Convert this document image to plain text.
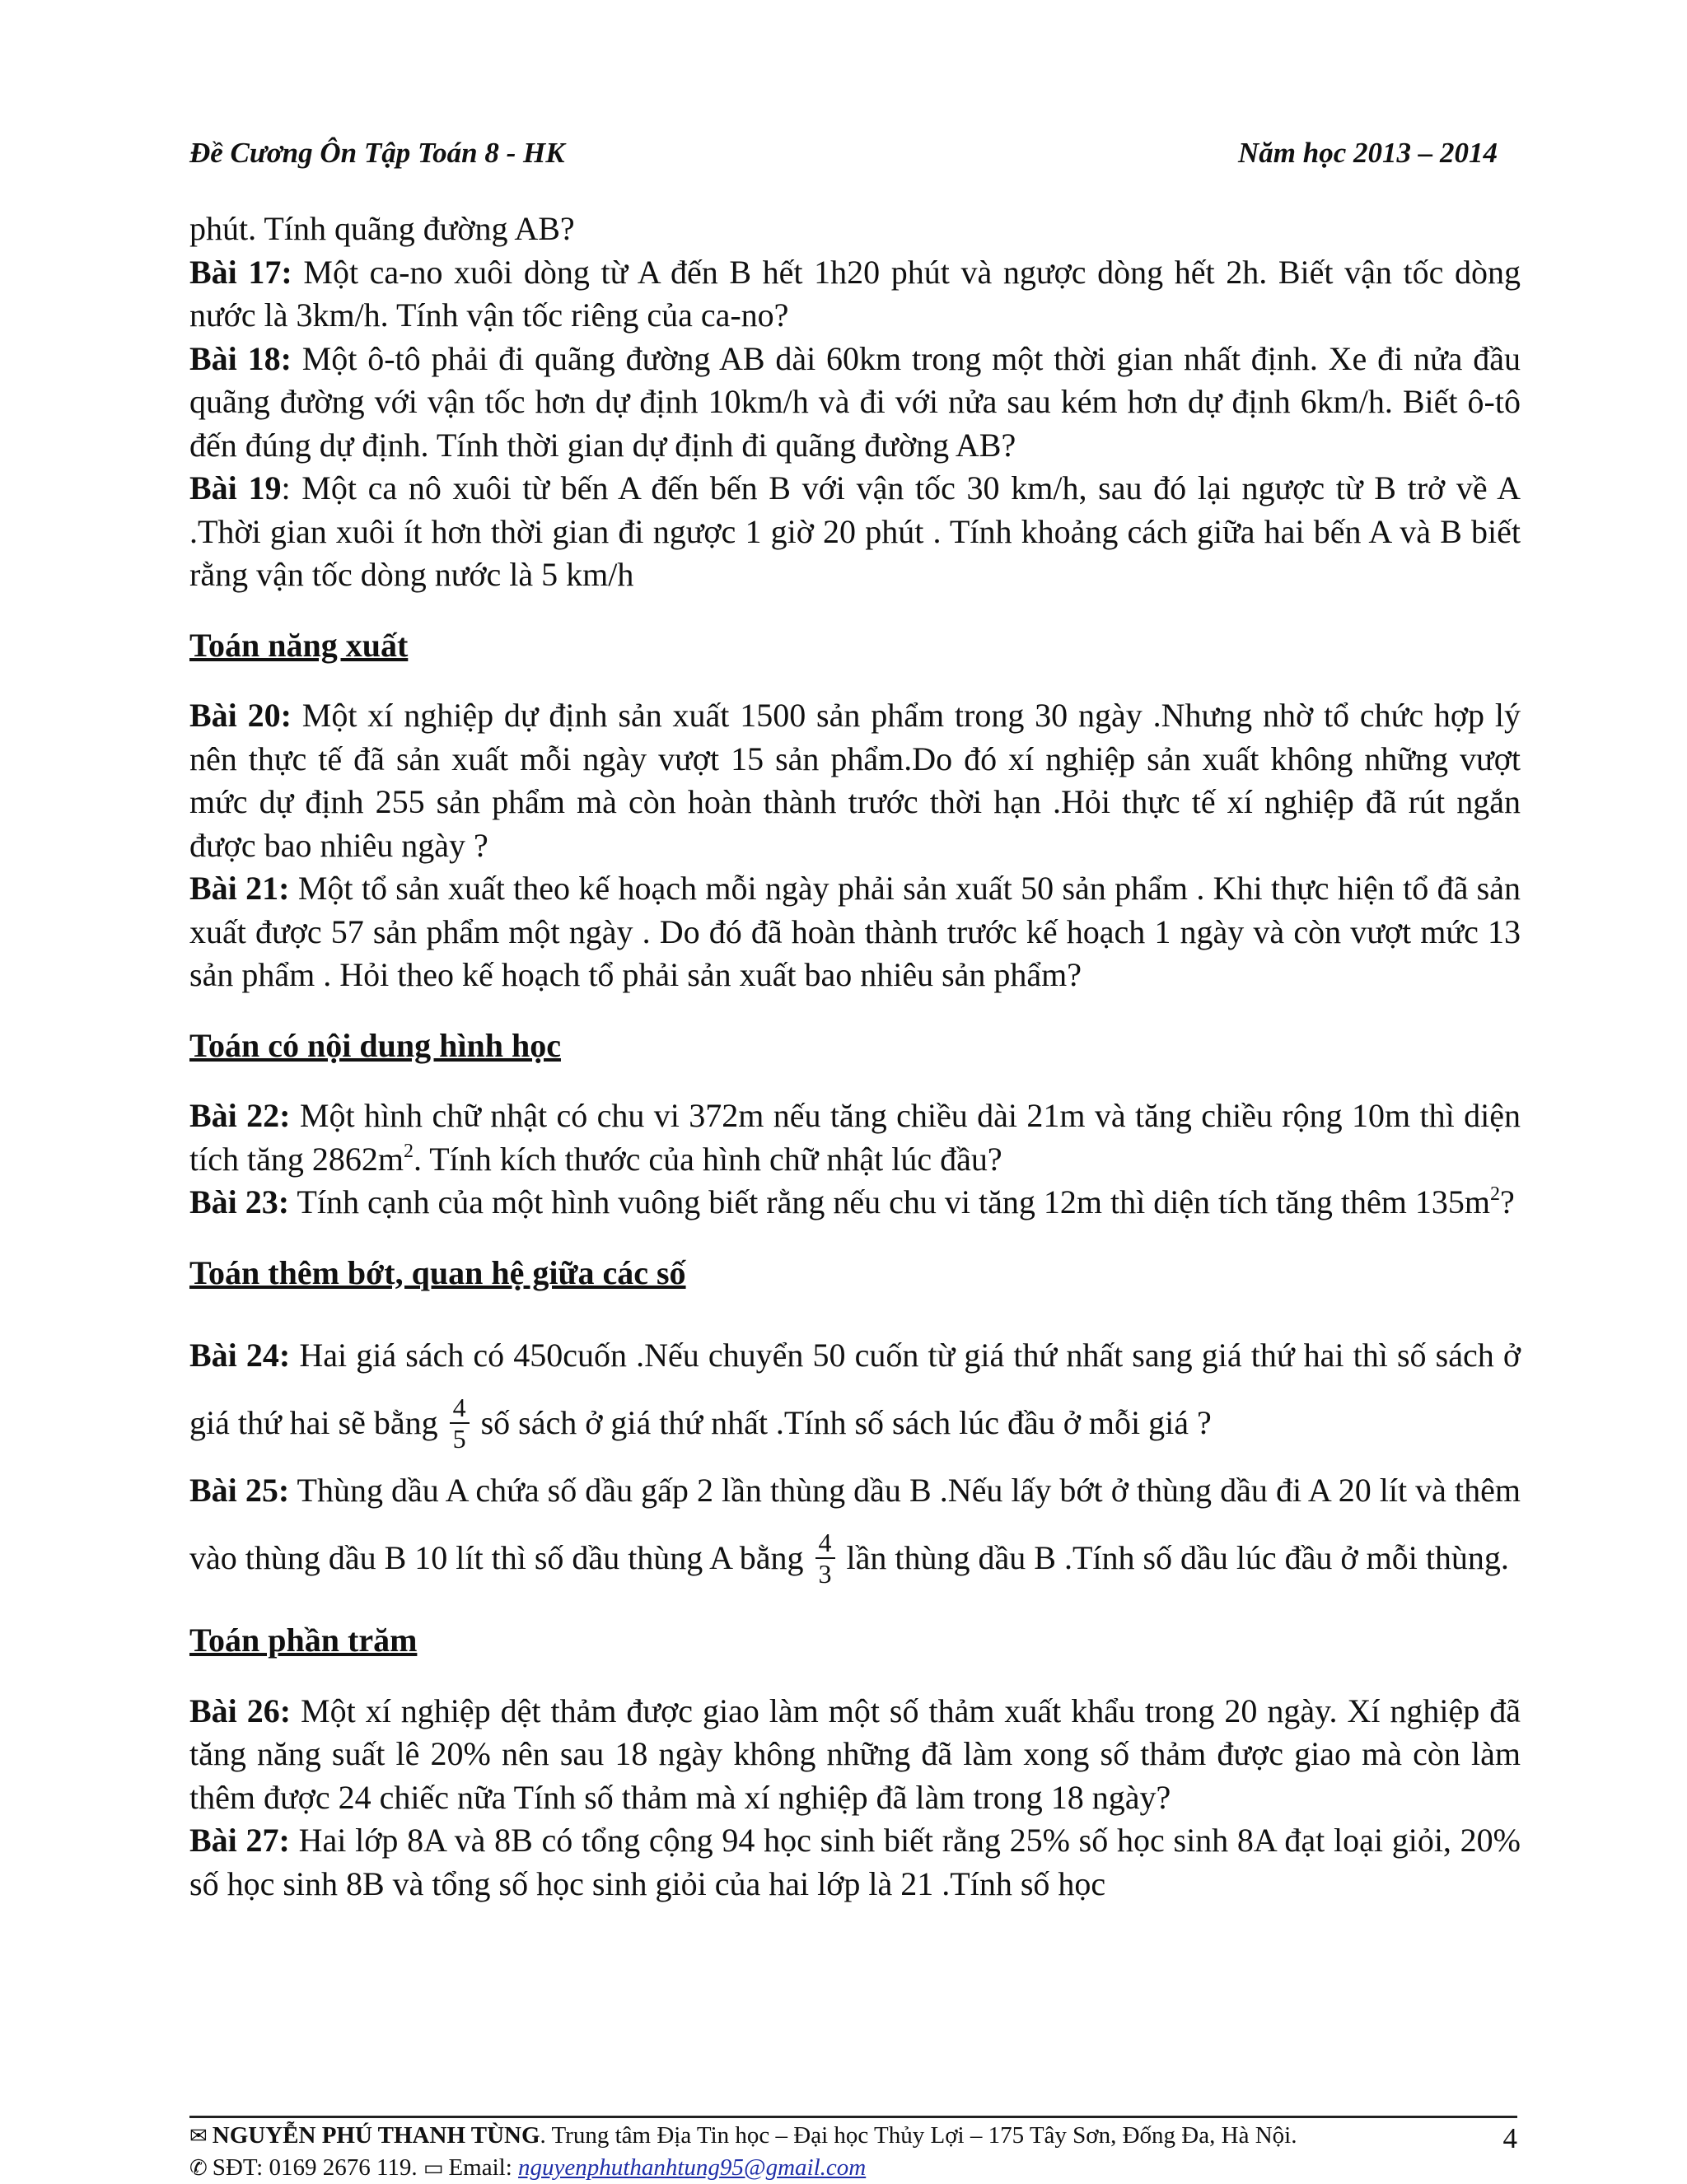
Đề Cương Ôn Tập Toán 8 - HK	Năm học 2013 – 2014

phút. Tính quãng đường AB?

Bài 17: Một ca-no xuôi dòng từ A đến B hết 1h20 phút và ngược dòng hết 2h. Biết vận tốc dòng nước là 3km/h. Tính vận tốc riêng của ca-no?

Bài 18: Một ô-tô phải đi quãng đường AB dài 60km trong một thời gian nhất định. Xe đi nửa đầu quãng đường với vận tốc hơn dự định 10km/h và đi với nửa sau kém hơn dự định 6km/h. Biết ô-tô đến đúng dự định. Tính thời gian dự định đi quãng đường AB?

Bài 19: Một ca nô xuôi từ bến A đến bến B với vận tốc 30 km/h, sau đó lại ngược từ B trở về A .Thời gian xuôi ít hơn thời gian đi ngược 1 giờ 20 phút . Tính khoảng cách giữa hai bến A và B biết rằng vận tốc dòng nước là 5 km/h

Toán năng xuất

Bài 20: Một xí nghiệp dự định sản xuất 1500 sản phẩm trong 30 ngày .Nhưng nhờ tổ chức hợp lý nên thực tế đã sản xuất mỗi ngày vượt 15 sản phẩm.Do đó xí nghiệp sản xuất không những vượt mức dự định 255 sản phẩm mà còn hoàn thành trước thời hạn .Hỏi thực tế xí nghiệp đã rút ngắn được bao nhiêu ngày ?

Bài 21: Một tổ sản xuất theo kế hoạch mỗi ngày phải sản xuất 50 sản phẩm . Khi thực hiện tổ đã sản xuất được 57 sản phẩm một ngày . Do đó đã hoàn thành trước kế hoạch 1 ngày và còn vượt mức 13 sản phẩm . Hỏi theo kế hoạch tổ phải sản xuất bao nhiêu sản phẩm?

Toán có nội dung hình học

Bài 22: Một hình chữ nhật có chu vi 372m nếu tăng chiều dài 21m và tăng chiều rộng 10m thì diện tích tăng $2862m^2$. Tính kích thước của hình chữ nhật lúc đầu?

Bài 23: Tính cạnh của một hình vuông biết rằng nếu chu vi tăng 12m thì diện tích tăng thêm $135m^2$?

Toán thêm bớt, quan hệ giữa các số

Bài 24: Hai giá sách có 450cuốn .Nếu chuyển 50 cuốn từ giá thứ nhất sang giá thứ hai thì số sách ở giá thứ hai sẽ bằng $\frac{4}{5}$ số sách ở giá thứ nhất .Tính số sách lúc đầu ở mỗi giá ?

Bài 25: Thùng dầu A chứa số dầu gấp 2 lần thùng dầu B .Nếu lấy bớt ở thùng dầu đi A 20 lít và thêm vào thùng dầu B 10 lít thì số dầu thùng A bằng $\frac{4}{3}$ lần thùng dầu B .Tính số dầu lúc đầu ở mỗi thùng.

Toán phần trăm

Bài 26: Một xí nghiệp dệt thảm được giao làm một số thảm xuất khẩu trong 20 ngày. Xí nghiệp đã tăng năng suất lê 20% nên sau 18 ngày không những đã làm xong số thảm được giao mà còn làm thêm được 24 chiếc nữa Tính số thảm mà xí nghiệp đã làm trong 18 ngày?

Bài 27: Hai lớp 8A và 8B có tổng cộng 94 học sinh biết rằng 25% số học sinh 8A đạt loại giỏi, 20% số học sinh 8B và tổng số học sinh giỏi của hai lớp là 21 .Tính số học

✉ NGUYỄN PHÚ THANH TÙNG. Trung tâm Địa Tin học – Đại học Thủy Lợi – 175 Tây Sơn, Đống Đa, Hà Nội.
✆ SĐT: 0169 2676 119. ▭ Email: nguyenphuthanhtung95@gmail.com
4
